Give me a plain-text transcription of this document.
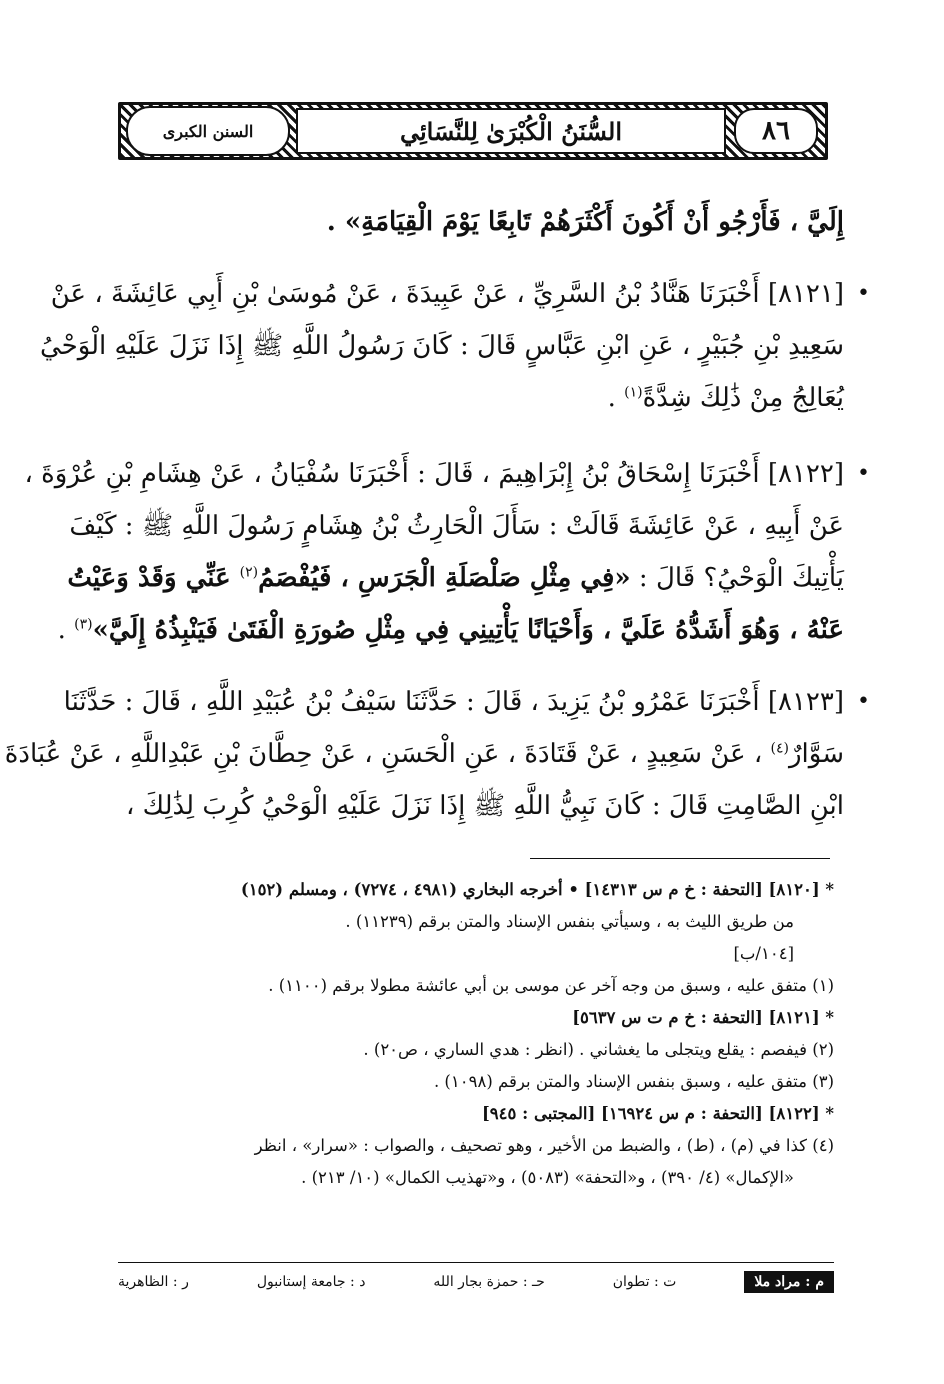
السنن الكبرى	السُّنَنُ الْكُبْرَىٰ لِلنَّسَائِي	٨٦
إِلَيَّ ، فَأَرْجُو أَنْ أَكُونَ أَكْثَرَهُمْ تَابِعًا يَوْمَ الْقِيَامَةِ» .
•
[٨١٢١] أَخْبَرَنَا هَنَّادُ بْنُ السَّرِيِّ ، عَنْ عَبِيدَةَ ، عَنْ مُوسَىٰ بْنِ أَبِي عَائِشَةَ ، عَنْ
سَعِيدِ بْنِ جُبَيْرٍ ، عَنِ ابْنِ عَبَّاسٍ قَالَ : كَانَ رَسُولُ اللَّهِ ﷺ إِذَا نَزَلَ عَلَيْهِ الْوَحْيُ
يُعَالِجُ مِنْ ذَٰلِكَ شِدَّةً$^{(١)}$ .
•
[٨١٢٢] أَخْبَرَنَا إِسْحَاقُ بْنُ إِبْرَاهِيمَ ، قَالَ : أَخْبَرَنَا سُفْيَانُ ، عَنْ هِشَامِ بْنِ عُرْوَةَ ،
عَنْ أَبِيهِ ، عَنْ عَائِشَةَ قَالَتْ : سَأَلَ الْحَارِثُ بْنُ هِشَامٍ رَسُولَ اللَّهِ ﷺ : كَيْفَ
يَأْتِيكَ الْوَحْيُ؟ قَالَ : «فِي مِثْلِ صَلْصَلَةِ الْجَرَسِ ، فَيُفْصَمُ$^{(٢)}$ عَنِّي وَقَدْ وَعَيْتُ
عَنْهُ ، وَهُوَ أَشَدُّهُ عَلَيَّ ، وَأَحْيَانًا يَأْتِينِي فِي مِثْلِ صُورَةِ الْفَتَىٰ فَيَنْبِذُهُ إِلَيَّ»$^{(٣)}$ .
•
[٨١٢٣] أَخْبَرَنَا عَمْرُو بْنُ يَزِيدَ ، قَالَ : حَدَّثَنَا سَيْفُ بْنُ عُبَيْدِ اللَّهِ ، قَالَ : حَدَّثَنَا
سَوَّارٌ$^{(٤)}$ ، عَنْ سَعِيدٍ ، عَنْ قَتَادَةَ ، عَنِ الْحَسَنِ ، عَنْ حِطَّانَ بْنِ عَبْدِاللَّهِ ، عَنْ عُبَادَةَ
ابْنِ الصَّامِتِ قَالَ : كَانَ نَبِيُّ اللَّهِ ﷺ إِذَا نَزَلَ عَلَيْهِ الْوَحْيُ كُرِبَ لِذَٰلِكَ ،
* [٨١٢٠] [التحفة : خ م س ١٤٣١٣] • أخرجه البخاري (٤٩٨١ ، ٧٢٧٤) ، ومسلم (١٥٢)
من طريق الليث به ، وسيأتي بنفس الإسناد والمتن برقم (١١٢٣٩) .
[١٠٤/ب]
(١) متفق عليه ، وسبق من وجه آخر عن موسى بن أبي عائشة مطولا برقم (١١٠٠) .
* [٨١٢١] [التحفة : خ م ت س ٥٦٣٧]
(٢) فيفصم : يقلع ويتجلى ما يغشاني . (انظر : هدي الساري ، ص٢٠) .
(٣) متفق عليه ، وسبق بنفس الإسناد والمتن برقم (١٠٩٨) .
* [٨١٢٢] [التحفة : م س ١٦٩٢٤] [المجتبى : ٩٤٥]
(٤) كذا في (م) ، (ط) ، والضبط من الأخير ، وهو تصحيف ، والصواب : «سرار» ، انظر
«الإكمال» (٤/ ٣٩٠) ، و«التحفة» (٥٠٨٣) ، و«تهذيب الكمال» (١٠/ ٢١٣) .
م : مراد ملا
ت : تطوان
حـ : حمزة بجار الله
د : جامعة إستانبول
ر : الظاهرية
